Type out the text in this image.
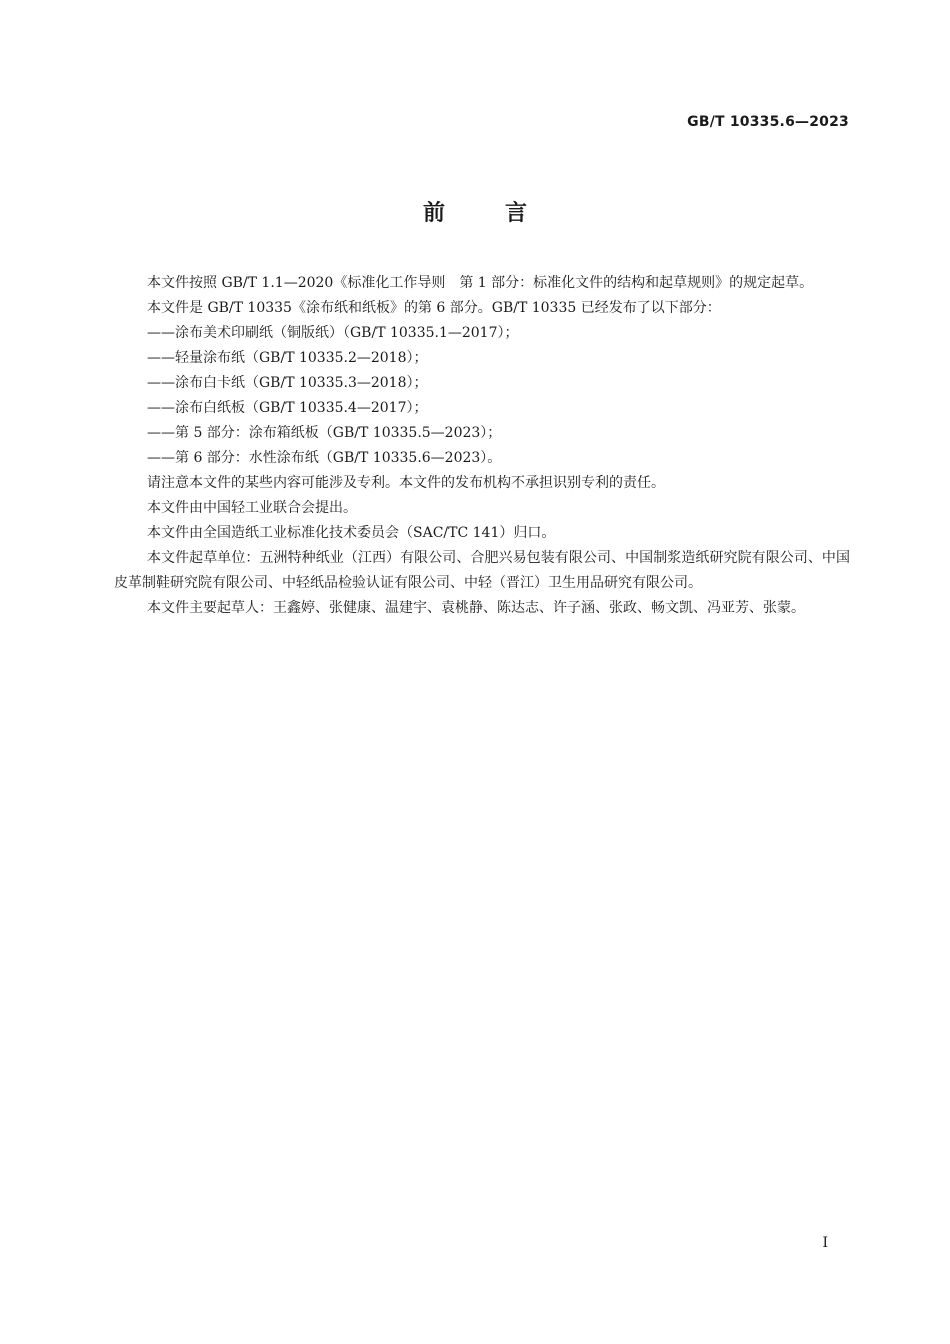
GB/T 10335.6—2023
前言

本文件按照 GB/T 1.1—2020《标准化工作导则　第 1 部分：标准化文件的结构和起草规则》的规定起草。

本文件是 GB/T 10335《涂布纸和纸板》的第 6 部分。GB/T 10335 已经发布了以下部分：

——涂布美术印刷纸（铜版纸）（GB/T 10335.1—2017）；

——轻量涂布纸（GB/T 10335.2—2018）；

——涂布白卡纸（GB/T 10335.3—2018）；

——涂布白纸板（GB/T 10335.4—2017）；

——第 5 部分：涂布箱纸板（GB/T 10335.5—2023）；

——第 6 部分：水性涂布纸（GB/T 10335.6—2023）。

请注意本文件的某些内容可能涉及专利。本文件的发布机构不承担识别专利的责任。

本文件由中国轻工业联合会提出。

本文件由全国造纸工业标准化技术委员会（SAC/TC 141）归口。

本文件起草单位：五洲特种纸业（江西）有限公司、合肥兴易包装有限公司、中国制浆造纸研究院有限公司、中国皮革制鞋研究院有限公司、中轻纸品检验认证有限公司、中轻（晋江）卫生用品研究有限公司。

本文件主要起草人：王鑫婷、张健康、温建宇、袁桃静、陈达志、许子涵、张政、畅文凯、冯亚芳、张蒙。

I
